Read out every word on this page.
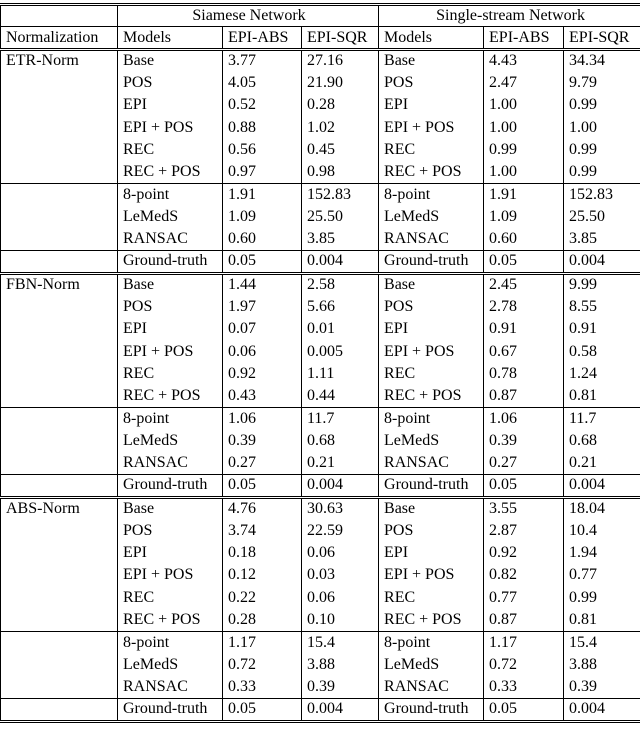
	Siamese Network			Single-stream Network		
Normalization	Models	EPI-ABS	EPI-SQR	Models	EPI-ABS	EPI-SQR
ETR-Norm	Base	3.77	27.16	Base	4.43	34.34
	POS	4.05	21.90	POS	2.47	9.79
	EPI	0.52	0.28	EPI	1.00	0.99
	EPI + POS	0.88	1.02	EPI + POS	1.00	1.00
	REC	0.56	0.45	REC	0.99	0.99
	REC + POS	0.97	0.98	REC + POS	1.00	0.99
	8-point	1.91	152.83	8-point	1.91	152.83
	LeMedS	1.09	25.50	LeMedS	1.09	25.50
	RANSAC	0.60	3.85	RANSAC	0.60	3.85
	Ground-truth	0.05	0.004	Ground-truth	0.05	0.004
FBN-Norm	Base	1.44	2.58	Base	2.45	9.99
	POS	1.97	5.66	POS	2.78	8.55
	EPI	0.07	0.01	EPI	0.91	0.91
	EPI + POS	0.06	0.005	EPI + POS	0.67	0.58
	REC	0.92	1.11	REC	0.78	1.24
	REC + POS	0.43	0.44	REC + POS	0.87	0.81
	8-point	1.06	11.7	8-point	1.06	11.7
	LeMedS	0.39	0.68	LeMedS	0.39	0.68
	RANSAC	0.27	0.21	RANSAC	0.27	0.21
	Ground-truth	0.05	0.004	Ground-truth	0.05	0.004
ABS-Norm	Base	4.76	30.63	Base	3.55	18.04
	POS	3.74	22.59	POS	2.87	10.4
	EPI	0.18	0.06	EPI	0.92	1.94
	EPI + POS	0.12	0.03	EPI + POS	0.82	0.77
	REC	0.22	0.06	REC	0.77	0.99
	REC + POS	0.28	0.10	REC + POS	0.87	0.81
	8-point	1.17	15.4	8-point	1.17	15.4
	LeMedS	0.72	3.88	LeMedS	0.72	3.88
	RANSAC	0.33	0.39	RANSAC	0.33	0.39
	Ground-truth	0.05	0.004	Ground-truth	0.05	0.004
